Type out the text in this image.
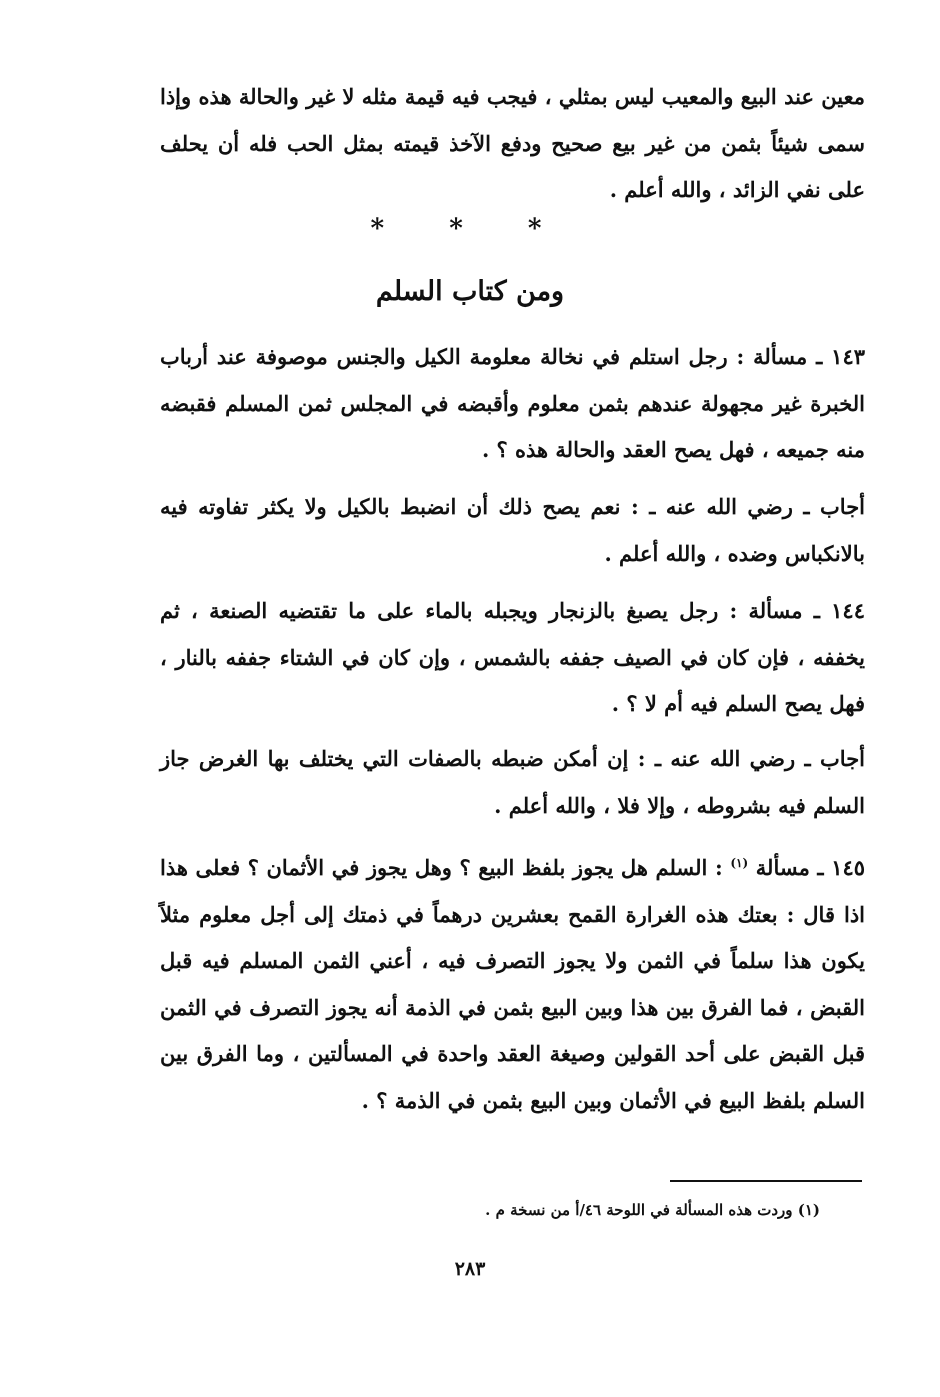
معين عند البيع والمعيب ليس بمثلي ، فيجب فيه قيمة مثله لا غير والحالة هذه وإذا سمى شيئاً بثمن من غير بيع صحيح ودفع الآخذ قيمته بمثل الحب فله أن يحلف على نفي الزائد ، والله أعلم .

* * *
ومن كتاب السلم

١٤٣ ـ مسألة : رجل استلم في نخالة معلومة الكيل والجنس موصوفة عند أرباب الخبرة غير مجهولة عندهم بثمن معلوم وأقبضه في المجلس ثمن المسلم فقبضه منه جميعه ، فهل يصح العقد والحالة هذه ؟ .

أجاب ـ رضي الله عنه ـ : نعم يصح ذلك أن انضبط بالكيل ولا يكثر تفاوته فيه بالانكباس وضده ، والله أعلم .

١٤٤ ـ مسألة : رجل يصبغ بالزنجار ويجبله بالماء على ما تقتضيه الصنعة ، ثم يخففه ، فإن كان في الصيف جففه بالشمس ، وإن كان في الشتاء جففه بالنار ، فهل يصح السلم فيه أم لا ؟ .

أجاب ـ رضي الله عنه ـ : إن أمكن ضبطه بالصفات التي يختلف بها الغرض جاز السلم فيه بشروطه ، وإلا فلا ، والله أعلم .

١٤٥ ـ مسألة $^{(١)}$ : السلم هل يجوز بلفظ البيع ؟ وهل يجوز في الأثمان ؟ فعلى هذا اذا قال : بعتك هذه الغرارة القمح بعشرين درهماً في ذمتك إلى أجل معلوم مثلاً يكون هذا سلماً في الثمن ولا يجوز التصرف فيه ، أعني الثمن المسلم فيه قبل القبض ، فما الفرق بين هذا وبين البيع بثمن في الذمة أنه يجوز التصرف في الثمن قبل القبض على أحد القولين وصيغة العقد واحدة في المسألتين ، وما الفرق بين السلم بلفظ البيع في الأثمان وبين البيع بثمن في الذمة ؟ .

(١) وردت هذه المسألة في اللوحة ٤٦/أ من نسخة م .
٢٨٣
